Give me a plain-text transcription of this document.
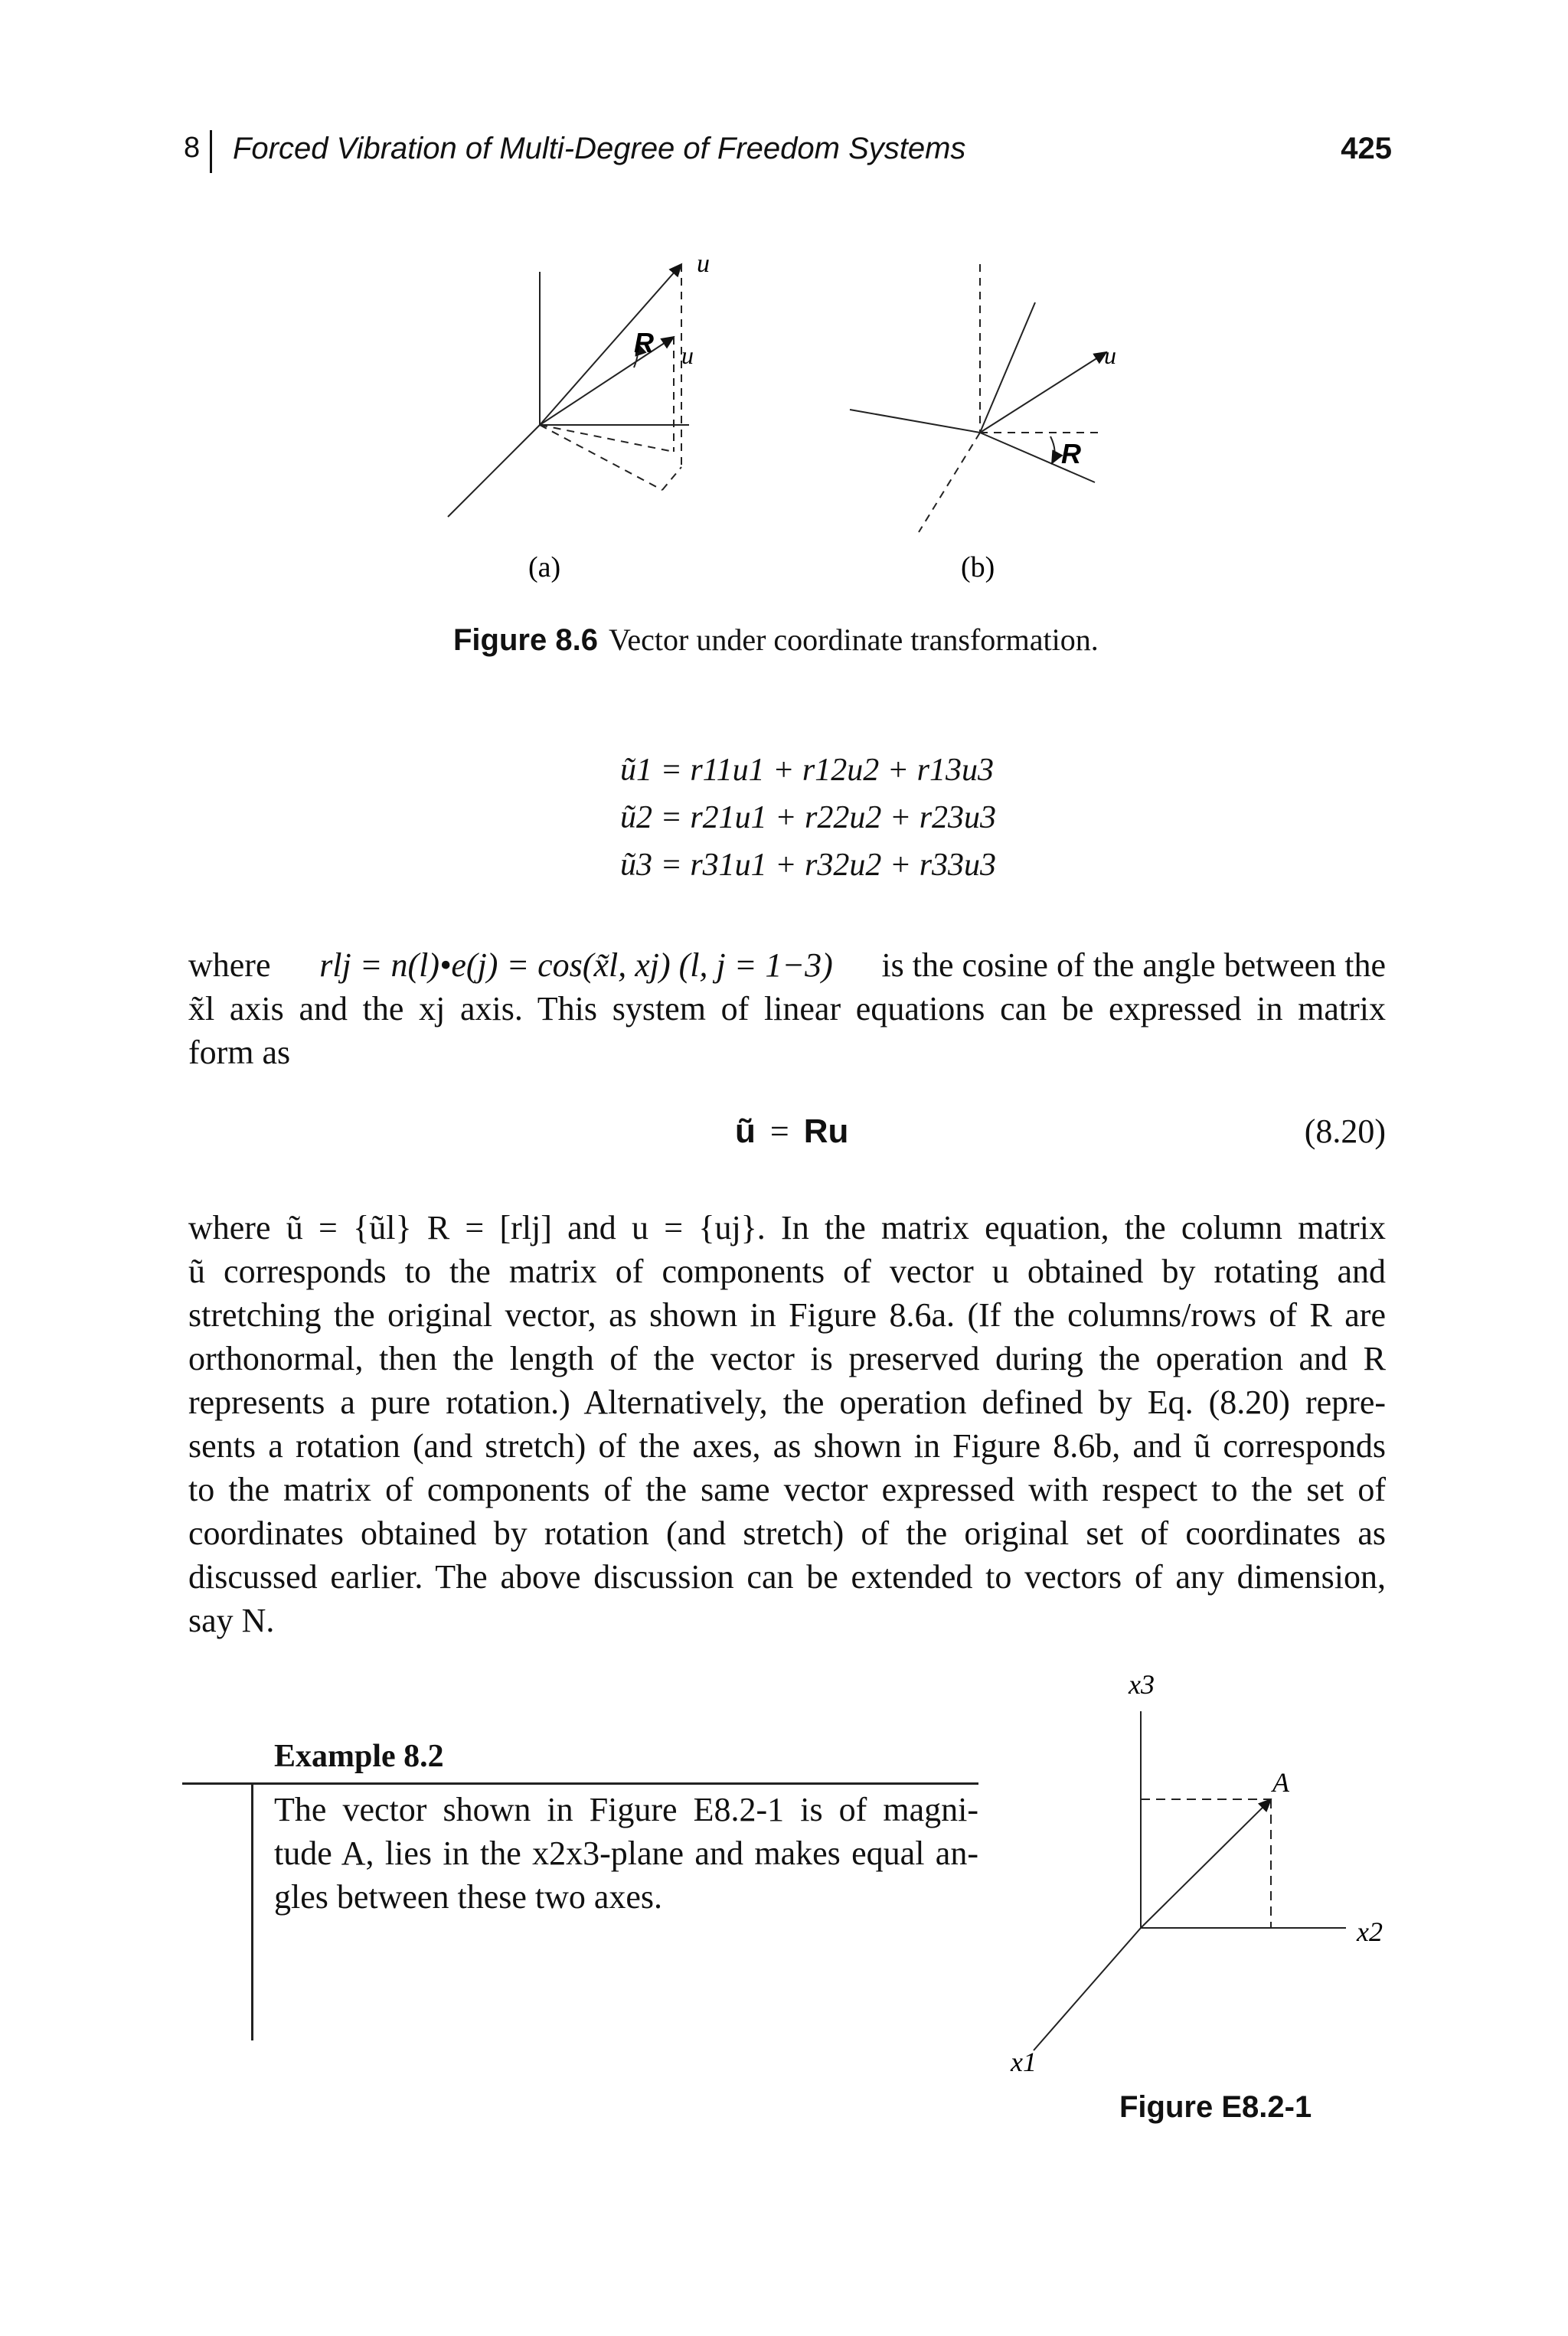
8 Forced Vibration of Multi-Degree of Freedom Systems	425
u
u
R	u
R
(a)	(b)
Figure 8.6 Vector under coordinate transformation.
ũ1 = r11u1 + r12u2 + r13u3
ũ2 = r21u1 + r22u2 + r23u3
ũ3 = r31u1 + r32u2 + r33u3
where rlj = n(l)•e(j) = cos(x̃l, xj) (l, j = 1−3) is the cosine of the angle between the
x̃l axis and the xj axis. This system of linear equations can be expressed in matrix
form as
ũ = Ru	(8.20)
where ũ = {ũl} R = [rlj] and u = {uj}. In the matrix equation, the column matrix
ũ corresponds to the matrix of components of vector u obtained by rotating and
stretching the original vector, as shown in Figure 8.6a. (If the columns/rows of R are
orthonormal, then the length of the vector is preserved during the operation and R
represents a pure rotation.) Alternatively, the operation defined by Eq. (8.20) repre-
sents a rotation (and stretch) of the axes, as shown in Figure 8.6b, and ũ corresponds
to the matrix of components of the same vector expressed with respect to the set of
coordinates obtained by rotation (and stretch) of the original set of coordinates as
discussed earlier. The above discussion can be extended to vectors of any dimension,
say N.
Example 8.2
The vector shown in Figure E8.2-1 is of magni-
tude A, lies in the x2x3-plane and makes equal an-
gles between these two axes.
x3
x2
x1
A
Figure E8.2-1
